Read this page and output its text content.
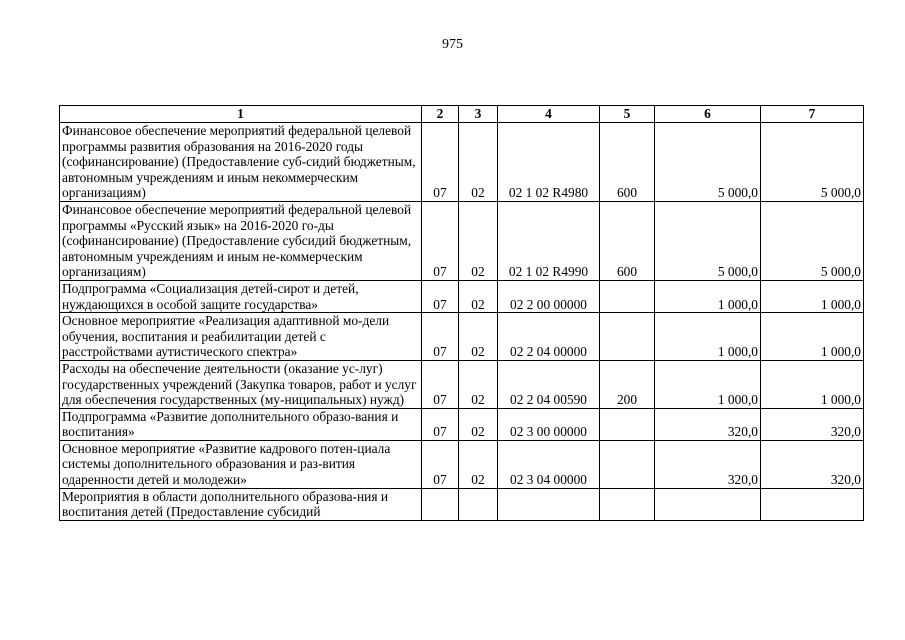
975
1	2	3	4	5	6	7
Финансовое обеспечение мероприятий федеральной целевой программы развития образования на 2016-2020 годы (софинансирование) (Предоставление суб-сидий бюджетным, автономным учреждениям и иным некоммерческим организациям)	07	02	02 1 02 R4980	600	5 000,0	5 000,0
Финансовое обеспечение мероприятий федеральной целевой программы «Русский язык» на 2016-2020 го-ды (софинансирование) (Предоставление субсидий бюджетным, автономным учреждениям и иным не-коммерческим организациям)	07	02	02 1 02 R4990	600	5 000,0	5 000,0
Подпрограмма «Социализация детей-сирот и детей, нуждающихся в особой защите государства»	07	02	02 2 00 00000		1 000,0	1 000,0
Основное мероприятие «Реализация адаптивной мо-дели обучения, воспитания и реабилитации детей с расстройствами аутистического спектра»	07	02	02 2 04 00000		1 000,0	1 000,0
Расходы на обеспечение деятельности (оказание ус-луг) государственных учреждений (Закупка товаров, работ и услуг для обеспечения государственных (му-ниципальных) нужд)	07	02	02 2 04 00590	200	1 000,0	1 000,0
Подпрограмма «Развитие дополнительного образо-вания и воспитания»	07	02	02 3 00 00000		320,0	320,0
Основное мероприятие «Развитие кадрового потен-циала системы дополнительного образования и раз-вития одаренности детей и молодежи»	07	02	02 3 04 00000		320,0	320,0
Мероприятия в области дополнительного образова-ния и воспитания детей (Предоставление субсидий						
